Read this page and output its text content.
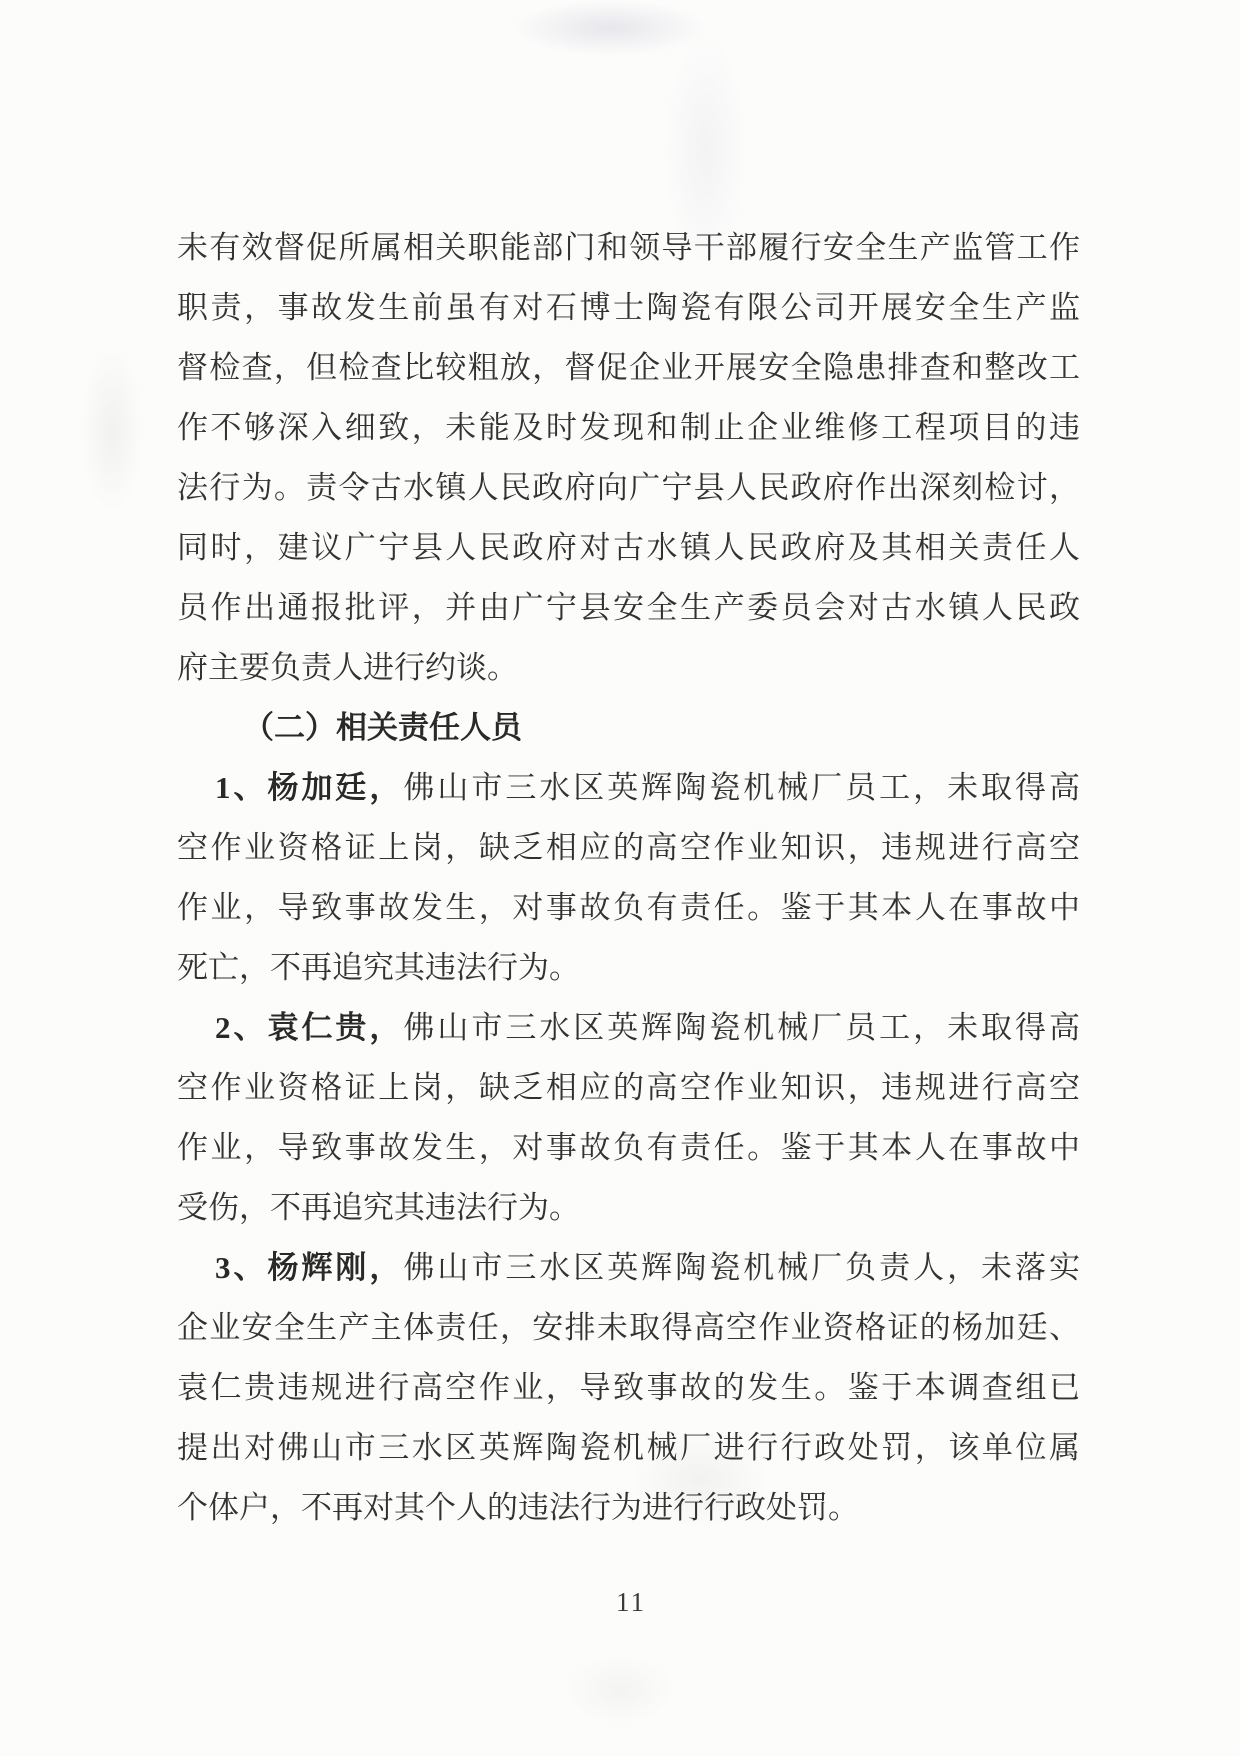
未有效督促所属相关职能部门和领导干部履行安全生产监管工作
职责，事故发生前虽有对石博士陶瓷有限公司开展安全生产监
督检查，但检查比较粗放，督促企业开展安全隐患排查和整改工
作不够深入细致，未能及时发现和制止企业维修工程项目的违
法行为。责令古水镇人民政府向广宁县人民政府作出深刻检讨，
同时，建议广宁县人民政府对古水镇人民政府及其相关责任人
员作出通报批评，并由广宁县安全生产委员会对古水镇人民政
府主要负责人进行约谈。
（二）相关责任人员
1、杨加廷，佛山市三水区英辉陶瓷机械厂员工，未取得高
空作业资格证上岗，缺乏相应的高空作业知识，违规进行高空
作业，导致事故发生，对事故负有责任。鉴于其本人在事故中
死亡，不再追究其违法行为。
2、袁仁贵，佛山市三水区英辉陶瓷机械厂员工，未取得高
空作业资格证上岗，缺乏相应的高空作业知识，违规进行高空
作业，导致事故发生，对事故负有责任。鉴于其本人在事故中
受伤，不再追究其违法行为。
3、杨辉刚，佛山市三水区英辉陶瓷机械厂负责人，未落实
企业安全生产主体责任，安排未取得高空作业资格证的杨加廷、
袁仁贵违规进行高空作业，导致事故的发生。鉴于本调查组已
提出对佛山市三水区英辉陶瓷机械厂进行行政处罚，该单位属
个体户，不再对其个人的违法行为进行行政处罚。
11
